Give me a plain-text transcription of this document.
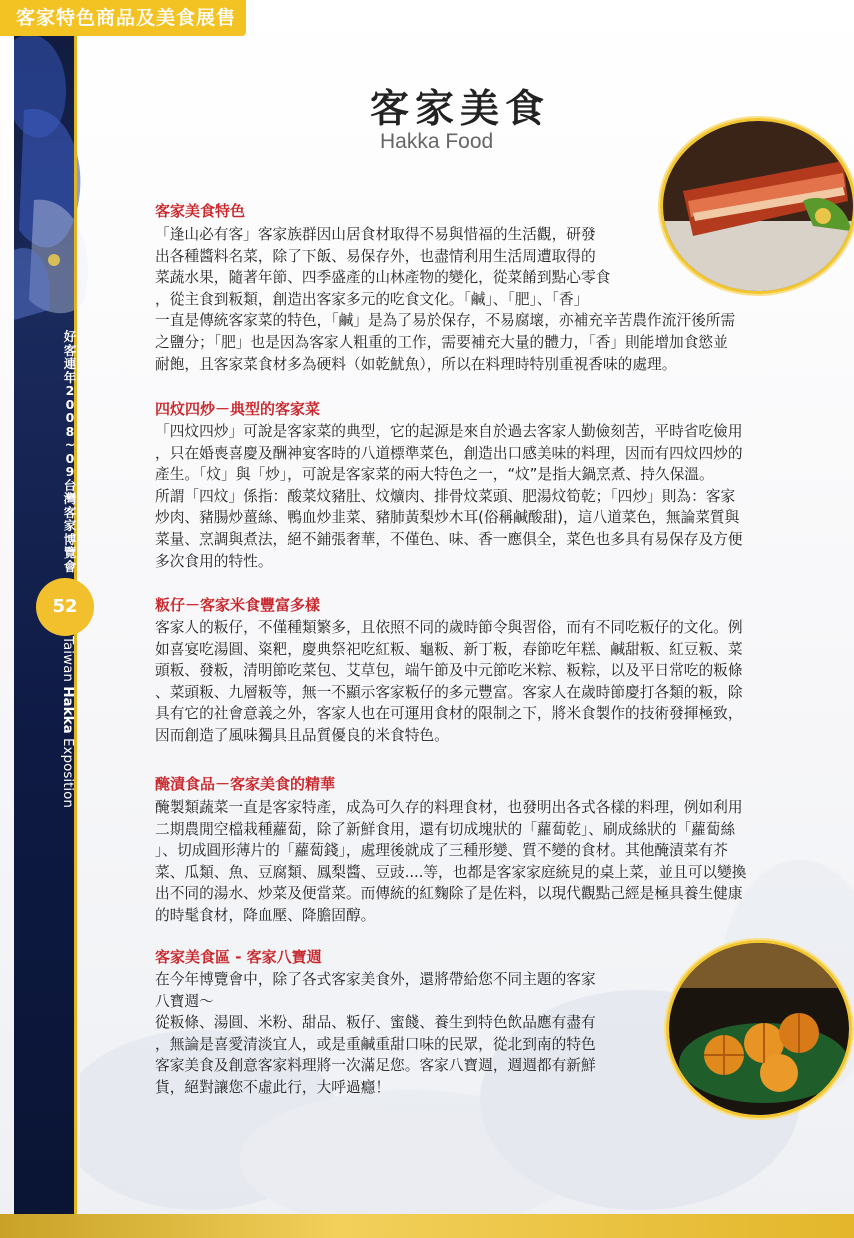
客家特色商品及美食展售
好客連年2008~09台灣客家博覽會
52
Taiwan Hakka Exposition
客家美食
Hakka Food
客家美食特色
「逢山必有客」客家族群因山居食材取得不易與惜福的生活觀，研發
出各種醬料名菜，除了下飯、易保存外，也盡情利用生活周遭取得的
菜蔬水果，隨著年節、四季盛產的山林產物的變化，從菜餚到點心零食
，從主食到粄類，創造出客家多元的吃食文化。「鹹」、「肥」、「香」
一直是傳統客家菜的特色，「鹹」是為了易於保存，不易腐壞，亦補充辛苦農作流汗後所需
之鹽分；「肥」也是因為客家人粗重的工作，需要補充大量的體力，「香」則能增加食慾並
耐飽，且客家菜食材多為硬料（如乾魷魚），所以在料理時特別重視香味的處理。
四炆四炒－典型的客家菜
「四炆四炒」可說是客家菜的典型，它的起源是來自於過去客家人勤儉刻苦，平時省吃儉用
，只在婚喪喜慶及酬神宴客時的八道標準菜色，創造出口感美味的料理，因而有四炆四炒的
產生。「炆」與「炒」，可說是客家菜的兩大特色之一，“炆”是指大鍋烹煮、持久保溫。
所謂「四炆」係指：酸菜炆豬肚、炆爌肉、排骨炆菜頭、肥湯炆筍乾；「四炒」則為：客家
炒肉、豬腸炒薑絲、鴨血炒韭菜、豬肺黃梨炒木耳(俗稱鹹酸甜)，這八道菜色，無論菜質與
菜量、烹調與煮法，絕不鋪張奢華，不僅色、味、香一應俱全，菜色也多具有易保存及方便
多次食用的特性。
粄仔－客家米食豐富多樣
客家人的粄仔，不僅種類繁多，且依照不同的歲時節令與習俗，而有不同吃粄仔的文化。例
如喜宴吃湯圓、粢粑，慶典祭祀吃紅粄、龜粄、新丁粄，春節吃年糕、鹹甜粄、紅豆粄、菜
頭粄、發粄，清明節吃菜包、艾草包，端午節及中元節吃米粽、粄粽，以及平日常吃的粄條
、菜頭粄、九層粄等，無一不顯示客家粄仔的多元豐富。客家人在歲時節慶打各類的粄，除
具有它的社會意義之外，客家人也在可運用食材的限制之下，將米食製作的技術發揮極致，
因而創造了風味獨具且品質優良的米食特色。
醃漬食品－客家美食的精華
醃製類蔬菜一直是客家特產，成為可久存的料理食材，也發明出各式各樣的料理，例如利用
二期農閒空檔栽種蘿蔔，除了新鮮食用，還有切成塊狀的「蘿蔔乾」、刷成絲狀的「蘿蔔絲
」、切成圓形薄片的「蘿蔔錢」，處理後就成了三種形變、質不變的食材。其他醃漬菜有芥
菜、瓜類、魚、豆腐類、鳳梨醬、豆豉....等，也都是客家家庭統見的桌上菜，並且可以變換
出不同的湯水、炒菜及便當菜。而傳統的紅麴除了是佐料，以現代觀點己經是極具養生健康
的時髦食材，降血壓、降膽固醇。
客家美食區 - 客家八寶週
在今年博覽會中，除了各式客家美食外，還將帶給您不同主題的客家
八寶週～
從粄條、湯圓、米粉、甜品、粄仔、蜜餞、養生到特色飲品應有盡有
，無論是喜愛清淡宜人，或是重鹹重甜口味的民眾，從北到南的特色
客家美食及創意客家料理將一次滿足您。客家八寶週，週週都有新鮮
貨，絕對讓您不虛此行，大呼過癮！
